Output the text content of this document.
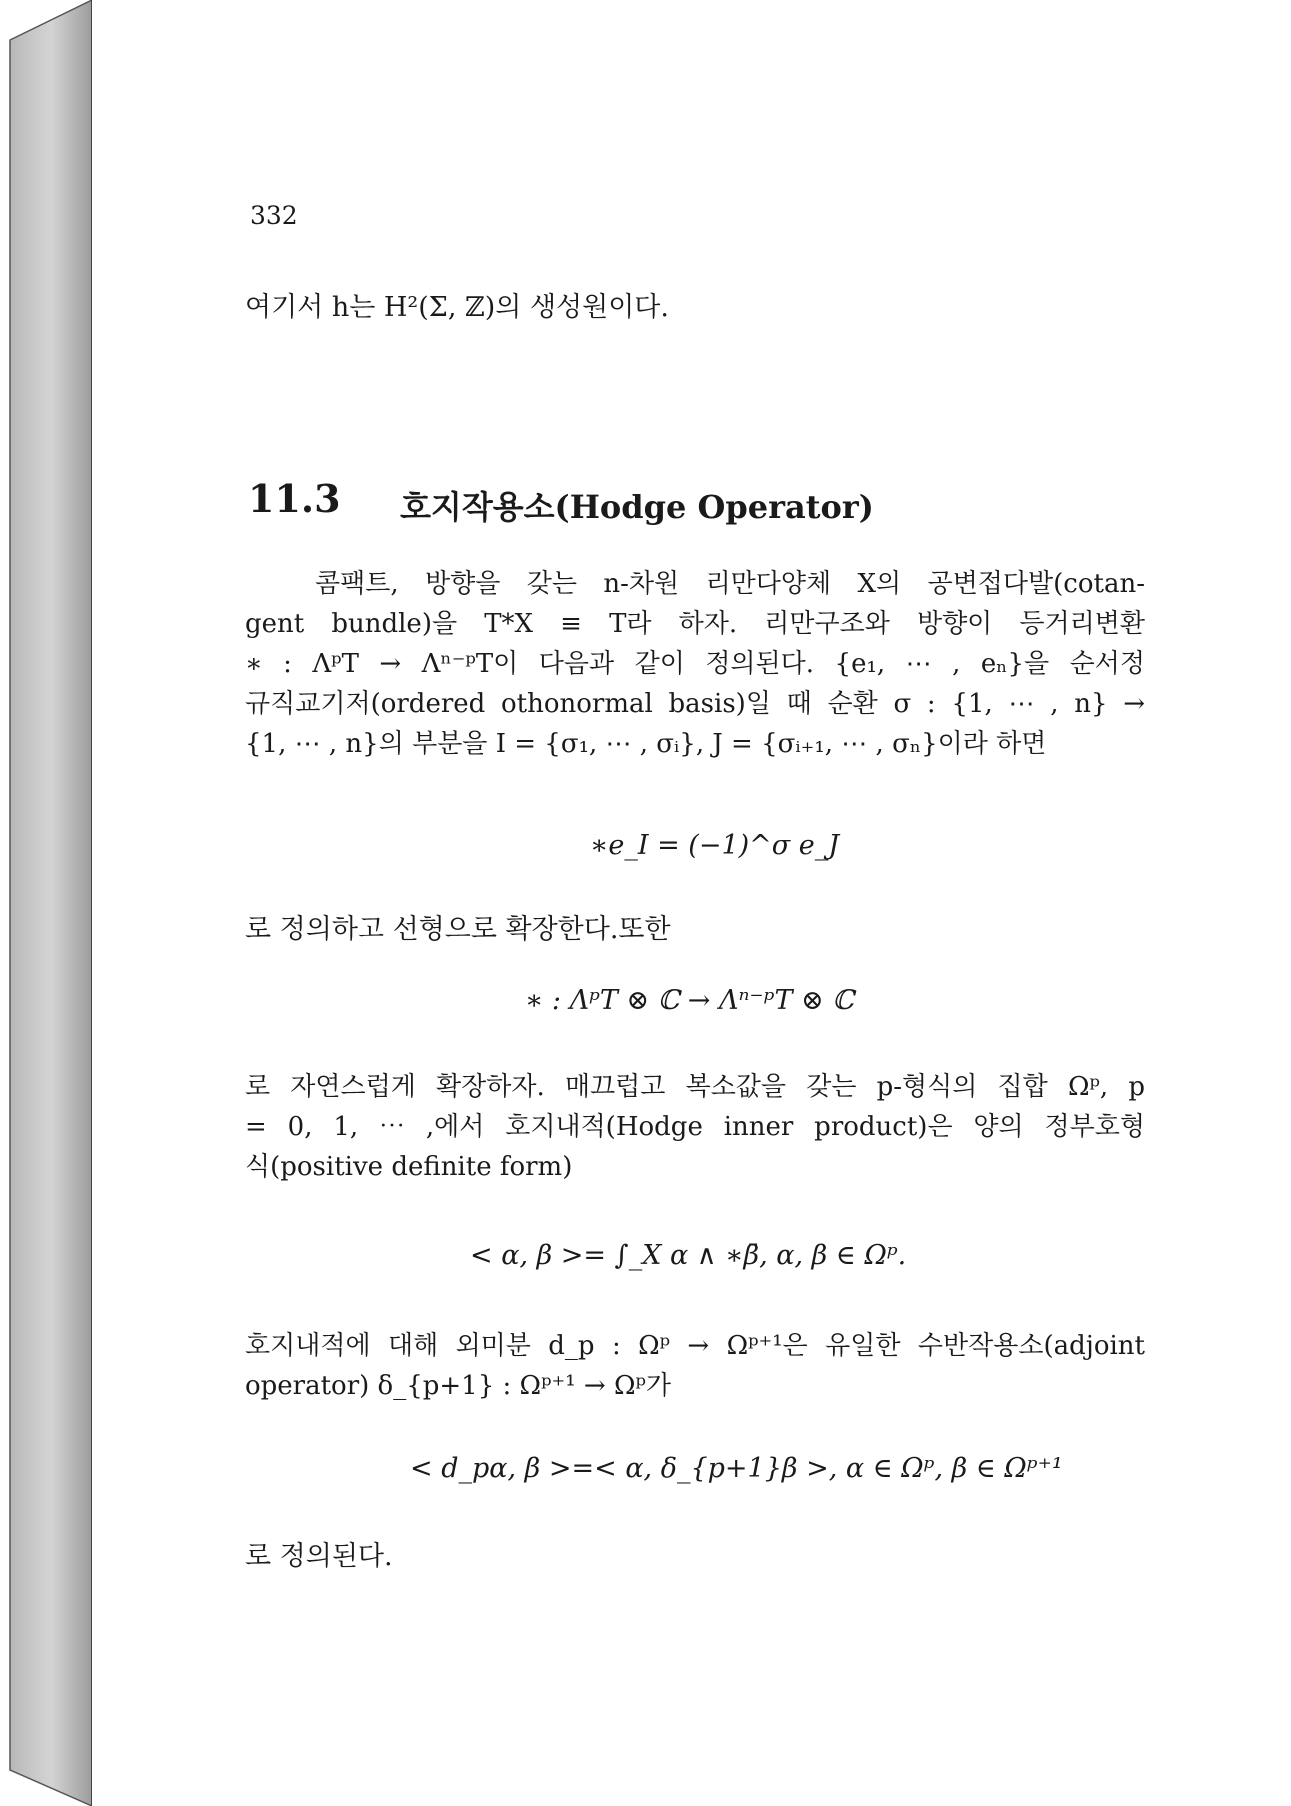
332
여기서 h는 H²(Σ, ℤ)의 생성원이다.
11.3 호지작용소(Hodge Operator)
콤팩트, 방향을 갖는 n-차원 리만다양체 X의 공변접다발(cotan-
gent bundle)을 T*X ≡ T라 하자. 리만구조와 방향이 등거리변환
∗ : ΛᵖT → Λⁿ⁻ᵖT이 다음과 같이 정의된다. {e₁, ⋯ , eₙ}을 순서정
규직교기저(ordered othonormal basis)일 때 순환 σ : {1, ⋯ , n} →
{1, ⋯ , n}의 부분을 I = {σ₁, ⋯ , σᵢ}, J = {σᵢ₊₁, ⋯ , σₙ}이라 하면
∗e_I = (−1)^σ e_J
로 정의하고 선형으로 확장한다.또한
∗ : ΛᵖT ⊗ ℂ → Λⁿ⁻ᵖT ⊗ ℂ
로 자연스럽게 확장하자. 매끄럽고 복소값을 갖는 p-형식의 집합 Ωᵖ, p
= 0, 1, ⋯ ,에서 호지내적(Hodge inner product)은 양의 정부호형
식(positive definite form)
< α, β >= ∫_X α ∧ ∗β̄, α, β ∈ Ωᵖ.
호지내적에 대해 외미분 d_p : Ωᵖ → Ωᵖ⁺¹은 유일한 수반작용소(adjoint
operator) δ_{p+1} : Ωᵖ⁺¹ → Ωᵖ가
< d_pα, β >=< α, δ_{p+1}β >, α ∈ Ωᵖ, β ∈ Ωᵖ⁺¹
로 정의된다.
